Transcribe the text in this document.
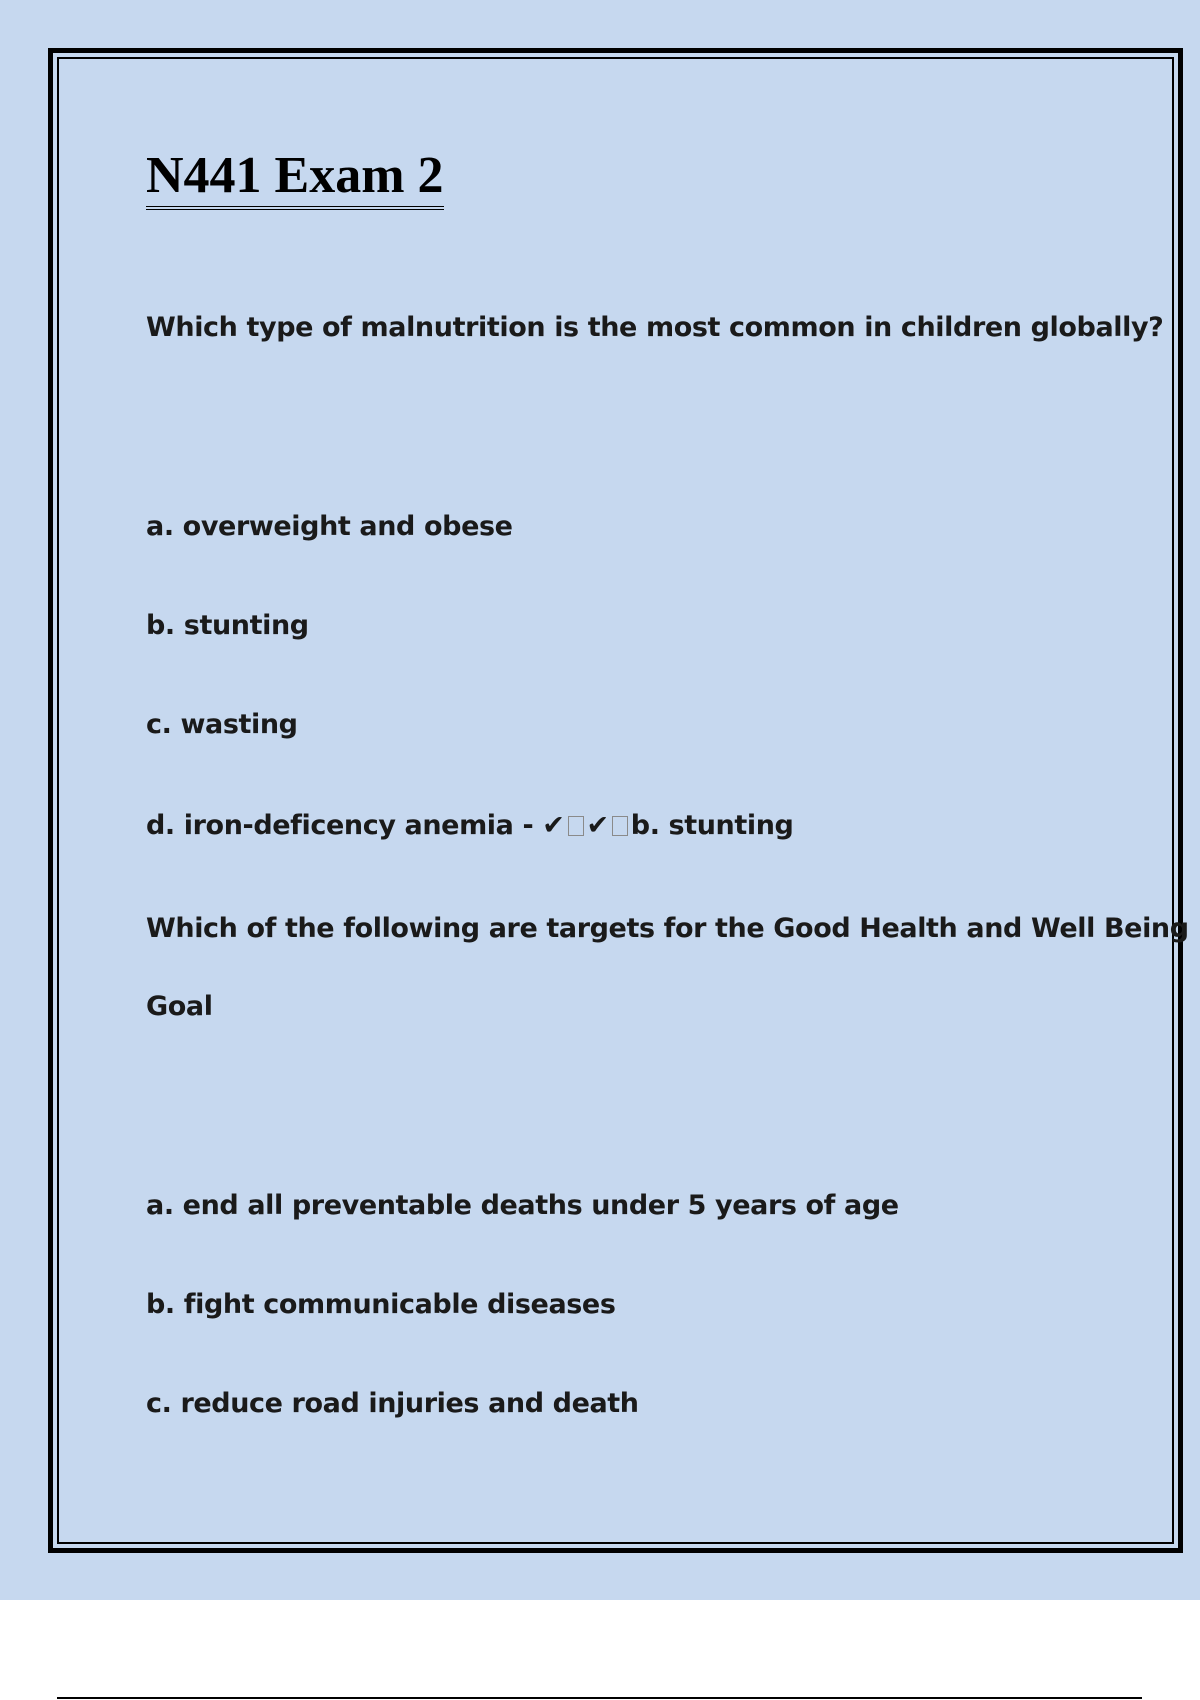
N441 Exam 2

Which type of malnutrition is the most common in children globally?

a. overweight and obese

b. stunting

c. wasting

d. iron-deficency anemia - ✔ ✔ b. stunting

Which of the following are targets for the Good Health and Well Being

Goal

a. end all preventable deaths under 5 years of age

b. fight communicable diseases

c. reduce road injuries and death
